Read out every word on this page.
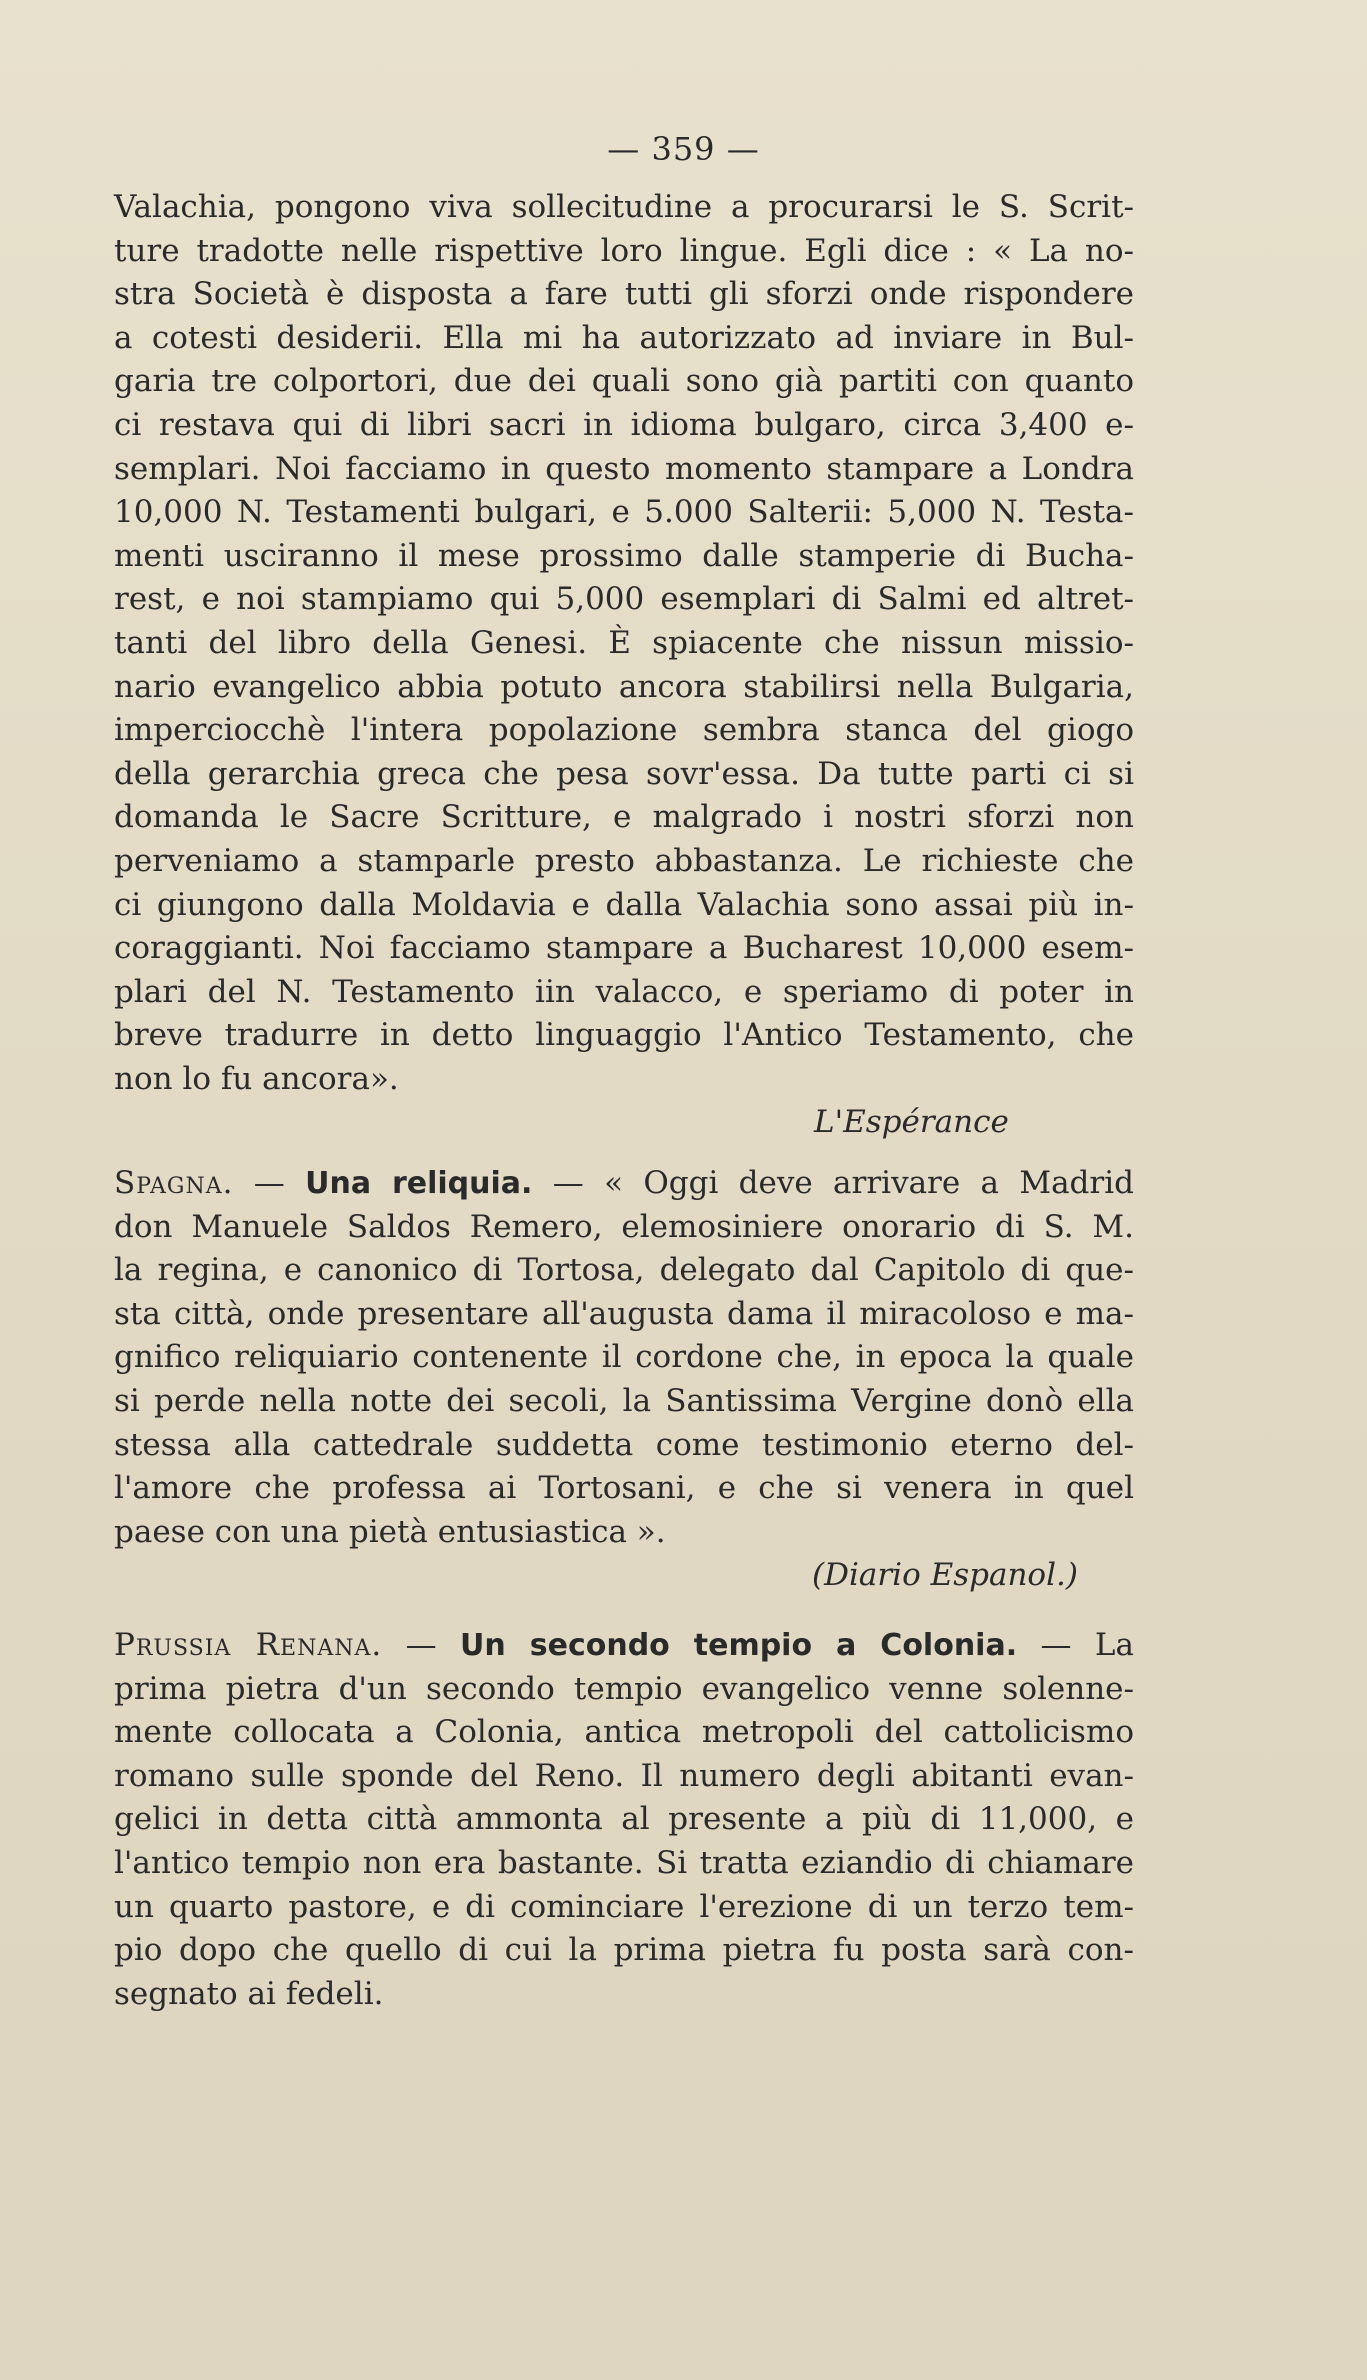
— 359 —
Valachia, pongono viva sollecitudine a procurarsi le S. Scrit-
ture tradotte nelle rispettive loro lingue. Egli dice : « La no-
stra Società è disposta a fare tutti gli sforzi onde rispondere
a cotesti desiderii. Ella mi ha autorizzato ad inviare in Bul-
garia tre colportori, due dei quali sono già partiti con quanto
ci restava qui di libri sacri in idioma bulgaro, circa 3,400 e-
semplari. Noi facciamo in questo momento stampare a Londra
10,000 N. Testamenti bulgari, e 5.000 Salterii: 5,000 N. Testa-
menti usciranno il mese prossimo dalle stamperie di Bucha-
rest, e noi stampiamo qui 5,000 esemplari di Salmi ed altret-
tanti del libro della Genesi. È spiacente che nissun missio-
nario evangelico abbia potuto ancora stabilirsi nella Bulgaria,
imperciocchè l'intera popolazione sembra stanca del giogo
della gerarchia greca che pesa sovr'essa. Da tutte parti ci si
domanda le Sacre Scritture, e malgrado i nostri sforzi non
perveniamo a stamparle presto abbastanza. Le richieste che
ci giungono dalla Moldavia e dalla Valachia sono assai più in-
coraggianti. Noi facciamo stampare a Bucharest 10,000 esem-
plari del N. Testamento iin valacco, e speriamo di poter in
breve tradurre in detto linguaggio l'Antico Testamento, che
non lo fu ancora».
L'Espérance
Spagna. — Una reliquia. — « Oggi deve arrivare a Madrid
don Manuele Saldos Remero, elemosiniere onorario di S. M.
la regina, e canonico di Tortosa, delegato dal Capitolo di que-
sta città, onde presentare all'augusta dama il miracoloso e ma-
gnifico reliquiario contenente il cordone che, in epoca la quale
si perde nella notte dei secoli, la Santissima Vergine donò ella
stessa alla cattedrale suddetta come testimonio eterno del-
l'amore che professa ai Tortosani, e che si venera in quel
paese con una pietà entusiastica ».
(Diario Espanol.)
Prussia Renana. — Un secondo tempio a Colonia. — La
prima pietra d'un secondo tempio evangelico venne solenne-
mente collocata a Colonia, antica metropoli del cattolicismo
romano sulle sponde del Reno. Il numero degli abitanti evan-
gelici in detta città ammonta al presente a più di 11,000, e
l'antico tempio non era bastante. Si tratta eziandio di chiamare
un quarto pastore, e di cominciare l'erezione di un terzo tem-
pio dopo che quello di cui la prima pietra fu posta sarà con-
segnato ai fedeli.
